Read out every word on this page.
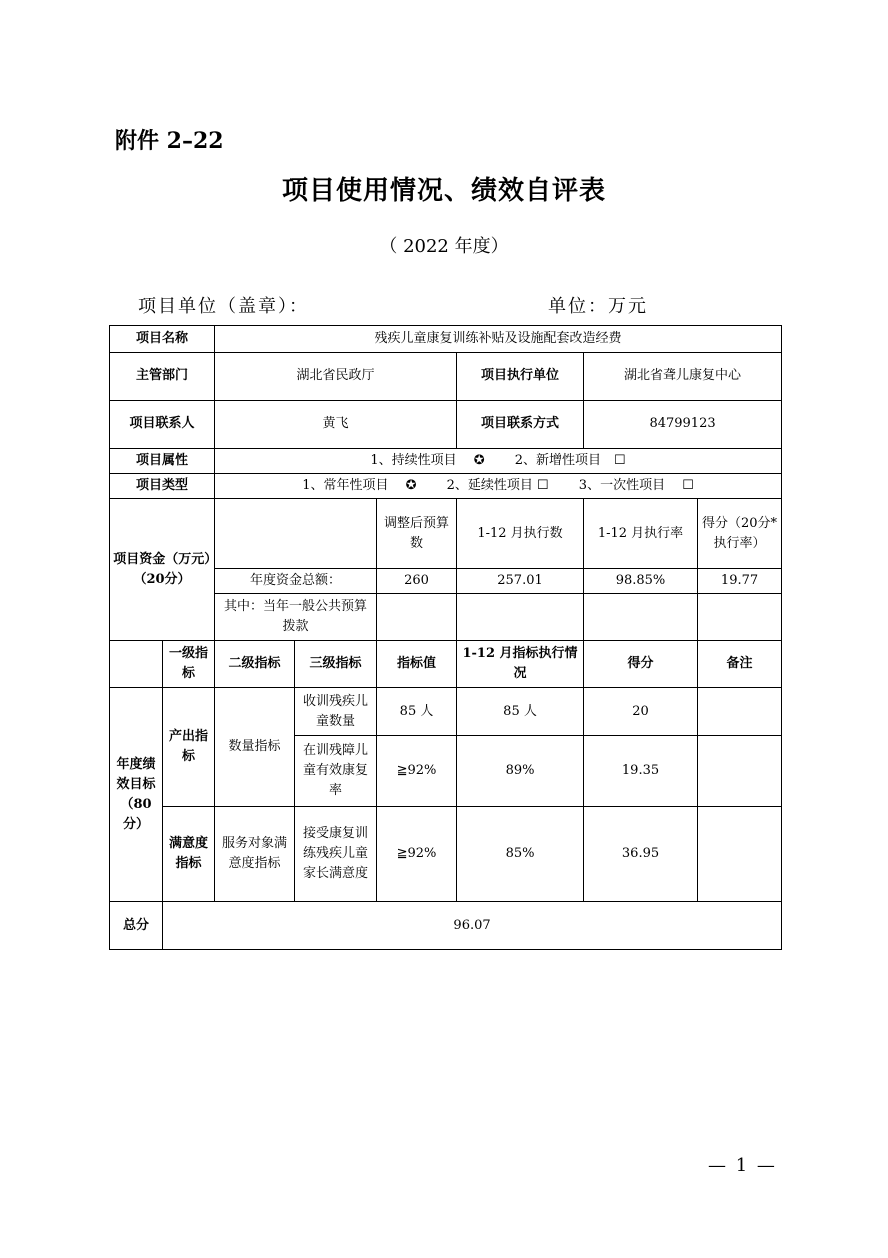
附件 2–22
项目使用情况、绩效自评表
（ 2022 年度）
项目单位（盖章）：	单位：万元
项目名称		残疾儿童康复训练补贴及设施配套改造经费					
主管部门		湖北省民政厅			项目执行单位	湖北省聋儿康复中心	
项目联系人		黄飞			项目联系方式	84799123	
项目属性		1、持续性项目　 ✪　　 2、新增性项目　☐					
项目类型		1、常年性项目　 ✪　　 2、延续性项目 ☐　　 3、一次性项目　 ☐					
项目资金（万元）（20分）				调整后预算数	1-12 月执行数	1-12 月执行率	得分（20分*执行率）
		年度资金总额：		260	257.01	98.85%	19.77
		其中：当年一般公共预算拨款					
	一级指标	二级指标	三级指标	指标值	1-12 月指标执行情况	得分	备注
年度绩效目标（80分）	产出指标	数量指标	收训残疾儿童数量	85 人	85 人	20	
			在训残障儿童有效康复率	≧92%	89%	19.35	
	满意度指标	服务对象满意度指标	接受康复训练残疾儿童家长满意度	≧92%	85%	36.95	
总分	96.07						
— 1 —
